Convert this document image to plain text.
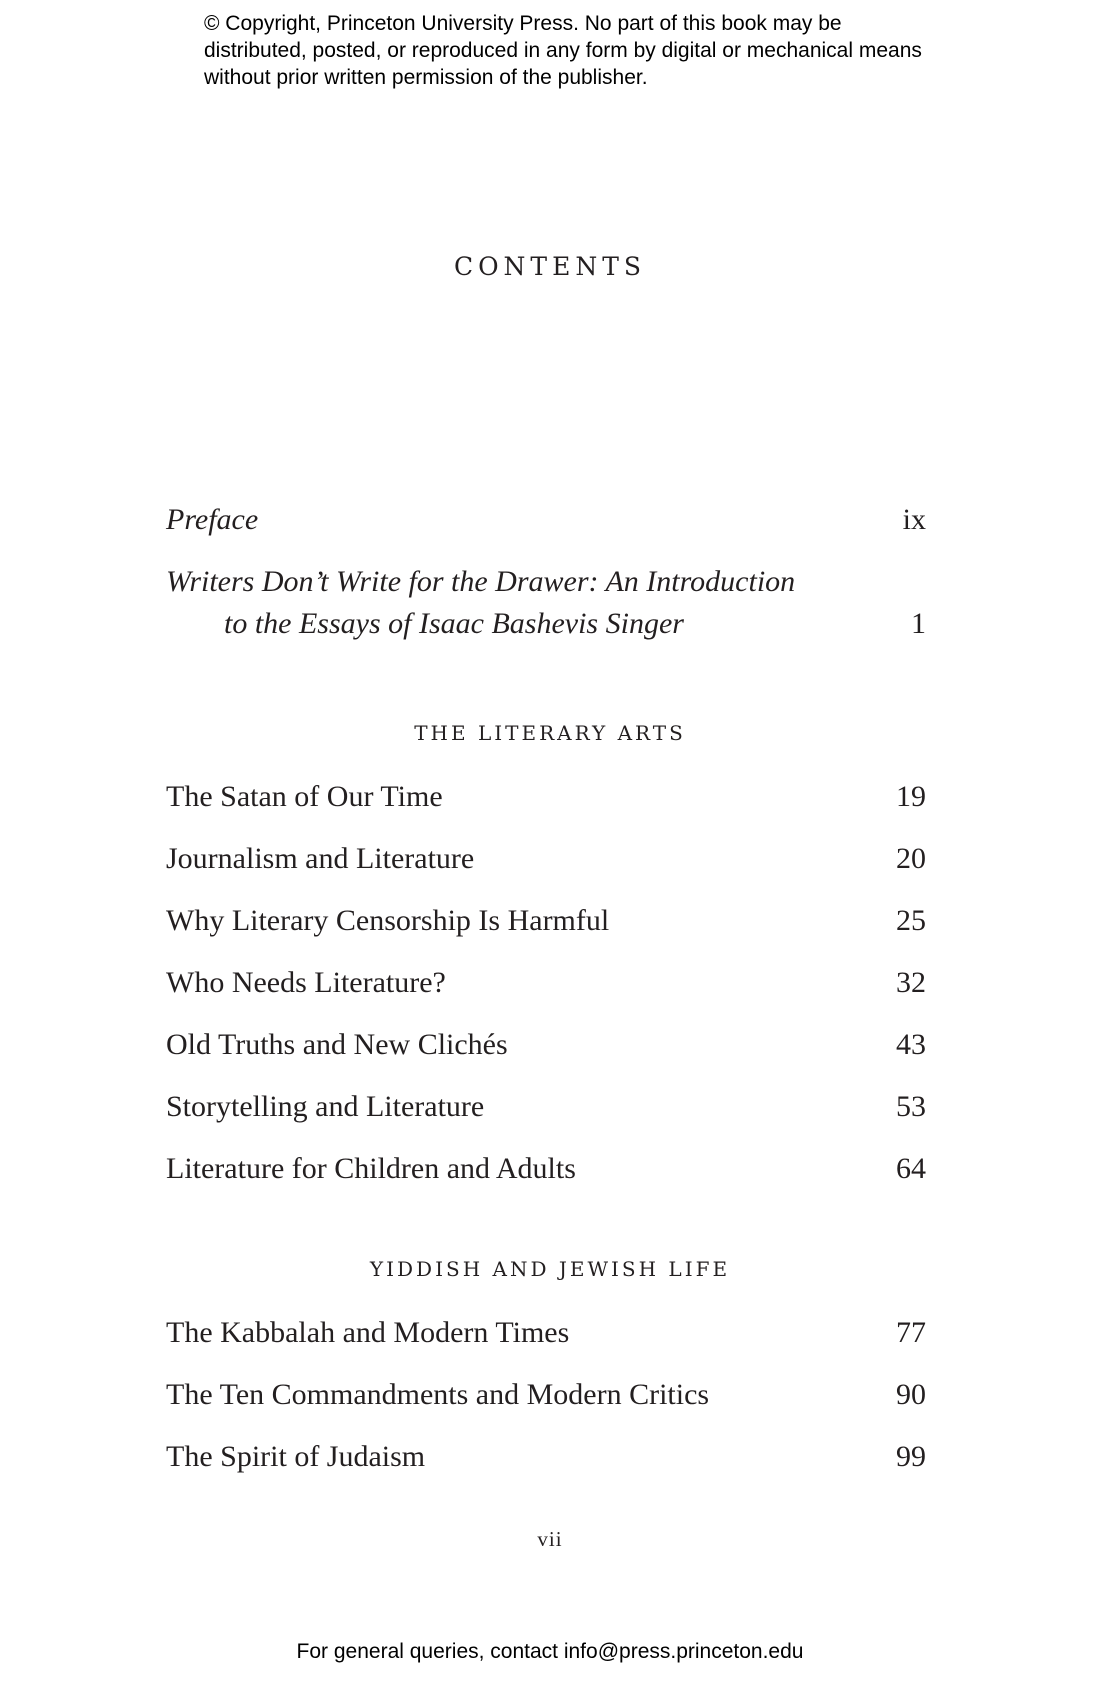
© Copyright, Princeton University Press. No part of this book may be distributed, posted, or reproduced in any form by digital or mechanical means without prior written permission of the publisher.
CONTENTS
Preface	ix
Writers Don’t Write for the Drawer: An Introduction
to the Essays of Isaac Bashevis Singer	1
THE LITERARY ARTS
The Satan of Our Time	19
Journalism and Literature	20
Why Literary Censorship Is Harmful	25
Who Needs Literature?	32
Old Truths and New Clichés	43
Storytelling and Literature	53
Literature for Children and Adults	64
YIDDISH AND JEWISH LIFE
The Kabbalah and Modern Times	77
The Ten Commandments and Modern Critics	90
The Spirit of Judaism	99
vii
For general queries, contact info@press.princeton.edu
